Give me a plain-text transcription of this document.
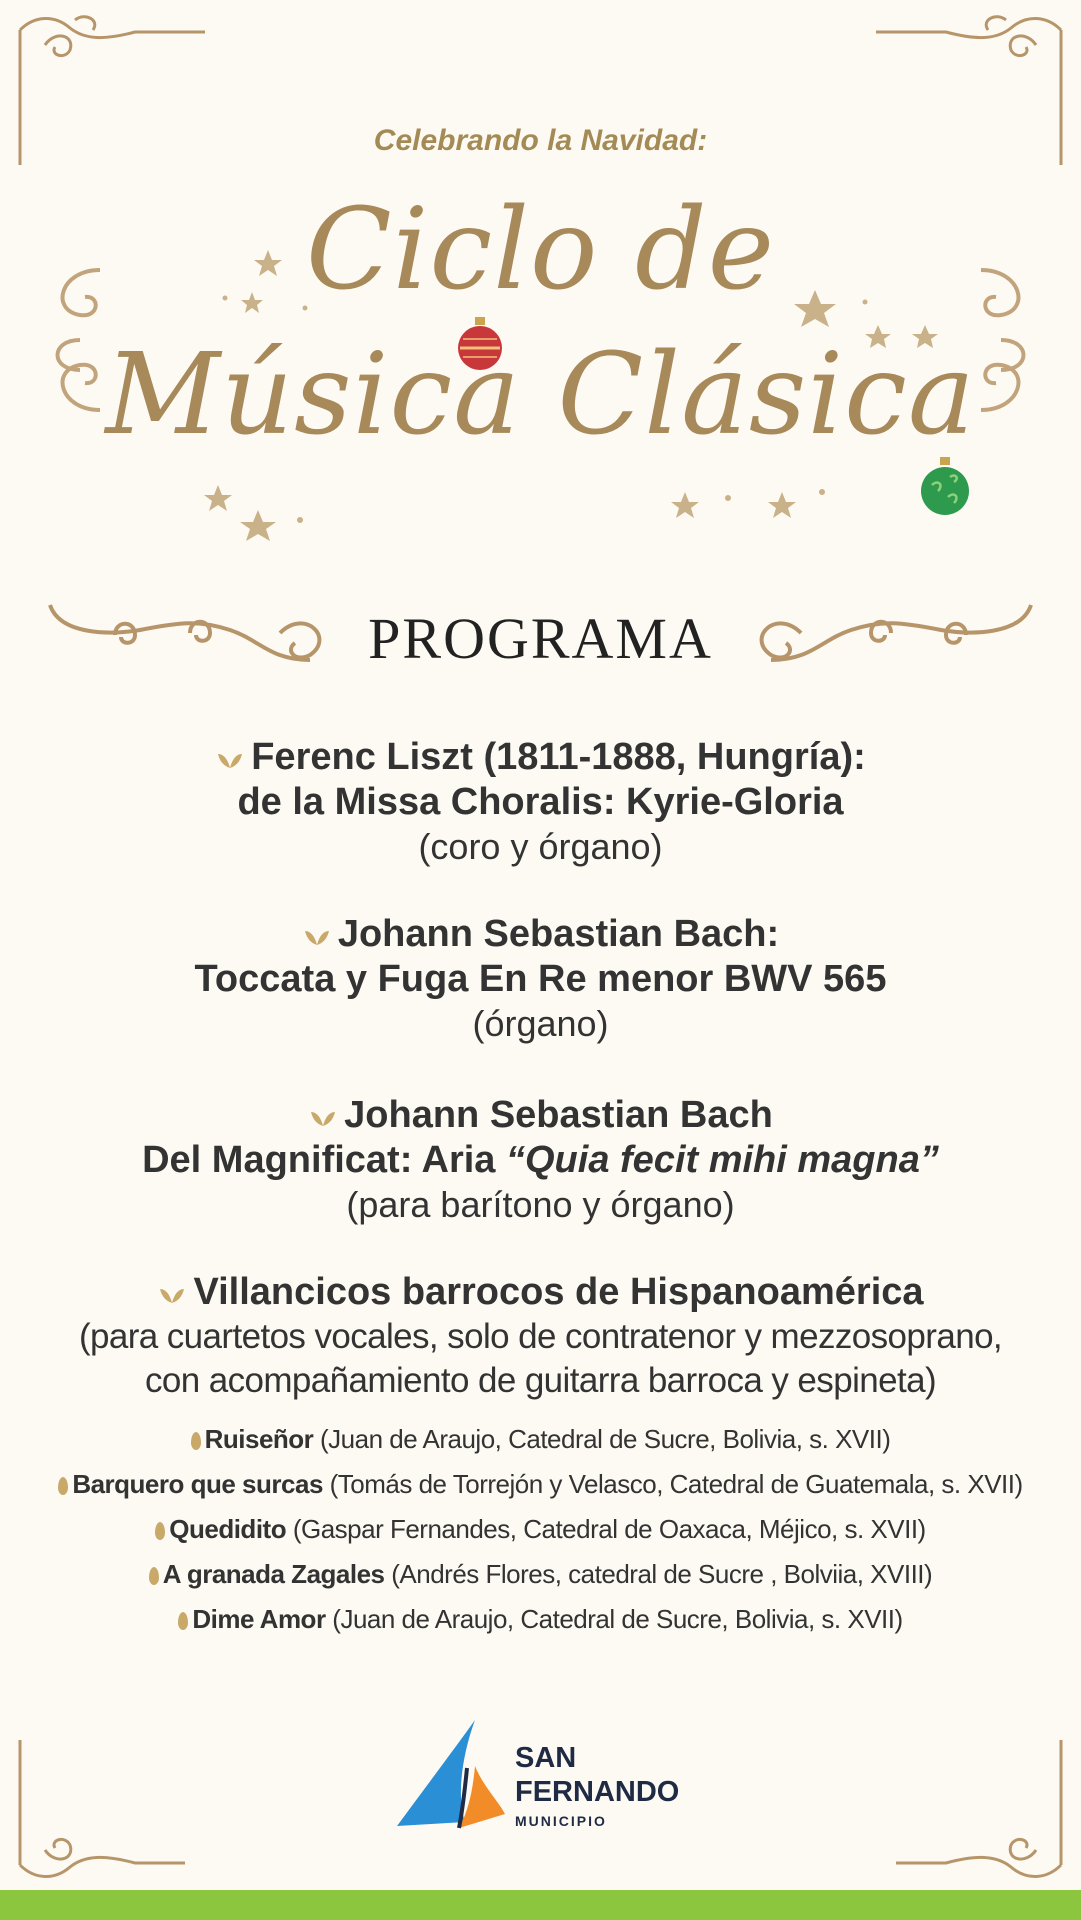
Celebrando la Navidad:
Ciclo de
Música Clásica
PROGRAMA
Ferenc Liszt (1811-1888, Hungría):
de la Missa Choralis: Kyrie-Gloria
(coro y órgano)
Johann Sebastian Bach:
Toccata y Fuga En Re menor BWV 565
(órgano)
Johann Sebastian Bach
Del Magnificat: Aria “Quia fecit mihi magna”
(para barítono y órgano)
Villancicos barrocos de Hispanoamérica
(para cuartetos vocales, solo de contratenor y mezzosoprano,
con acompañamiento de guitarra barroca y espineta)
Ruiseñor (Juan de Araujo, Catedral de Sucre, Bolivia, s. XVII)
Barquero que surcas (Tomás de Torrejón y Velasco, Catedral de Guatemala, s. XVII)
Quedidito (Gaspar Fernandes, Catedral de Oaxaca, Méjico, s. XVII)
A granada Zagales (Andrés Flores, catedral de Sucre , Bolviia, XVIII)
Dime Amor (Juan de Araujo, Catedral de Sucre, Bolivia, s. XVII)
SAN
FERNANDO
MUNICIPIO
